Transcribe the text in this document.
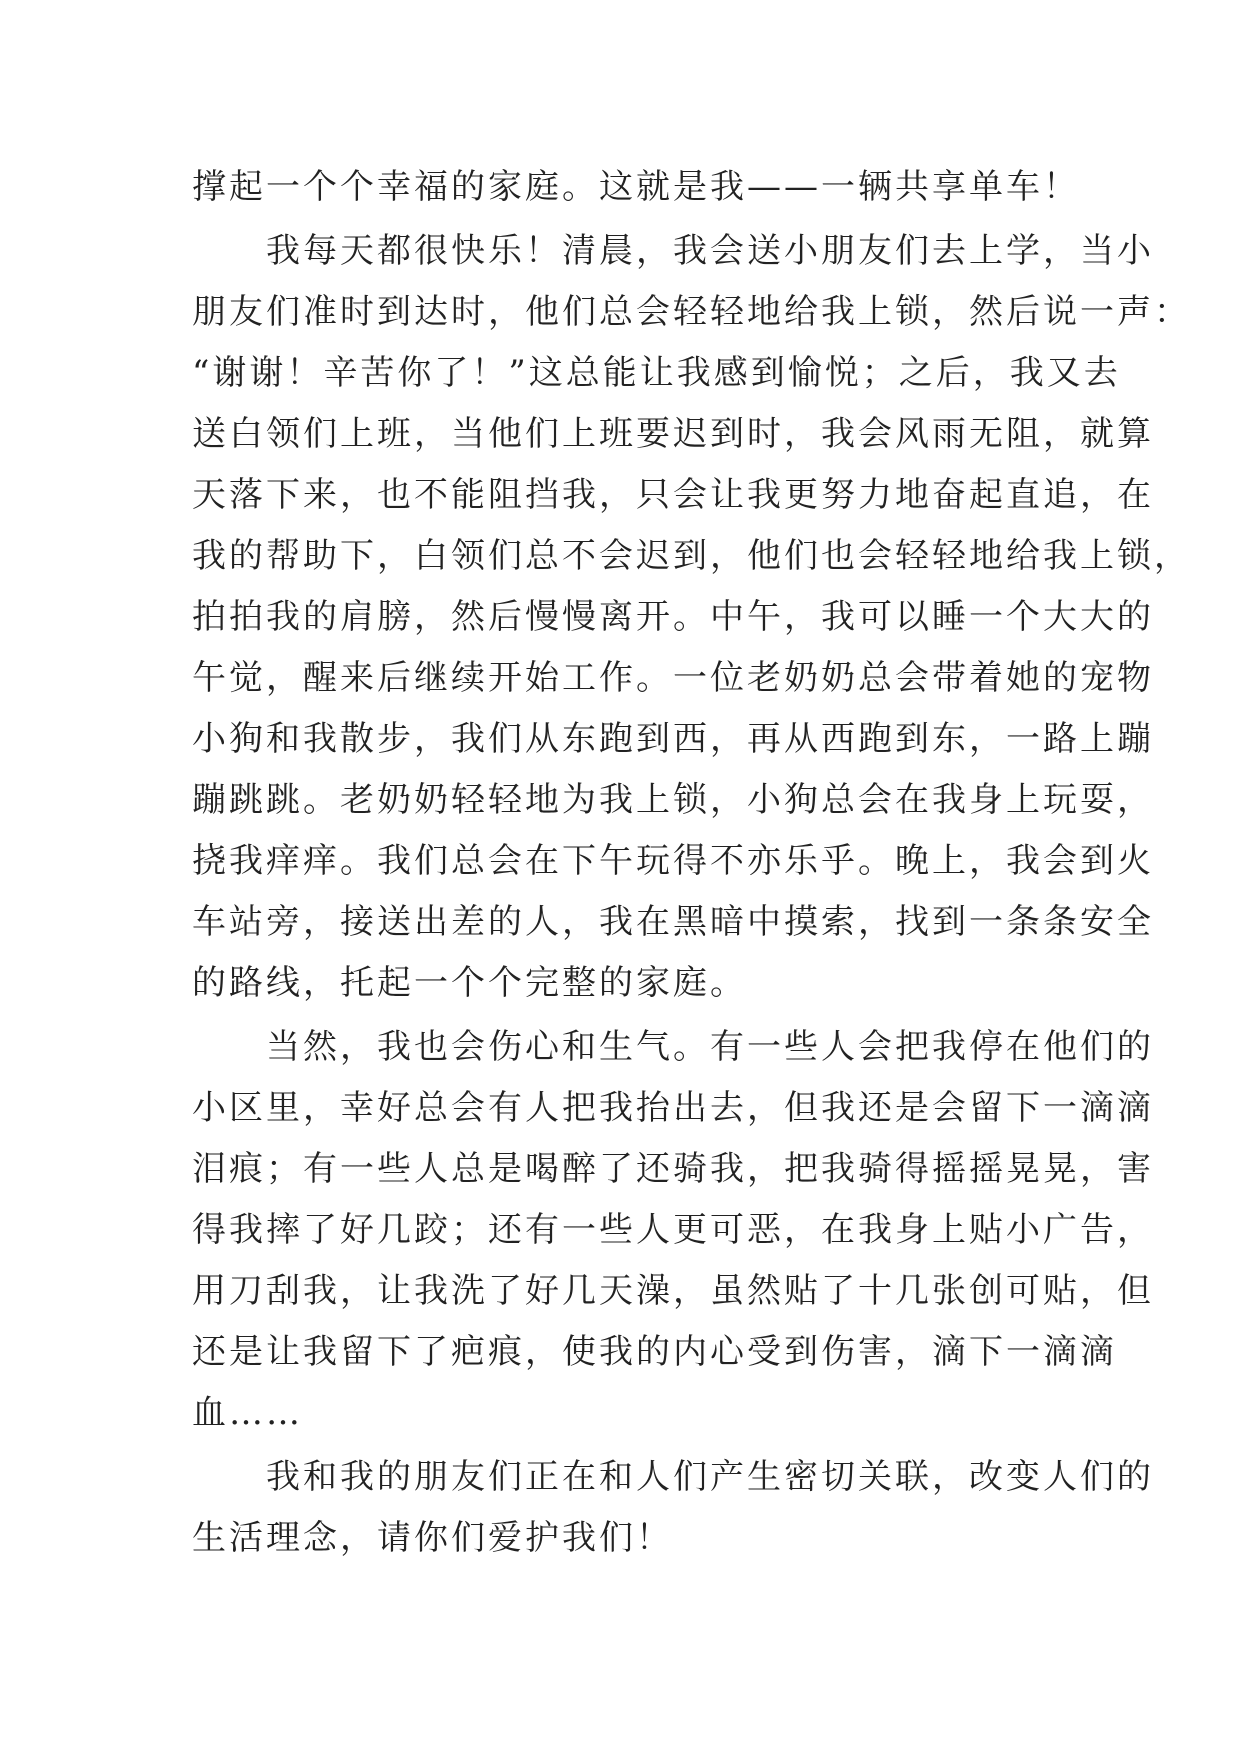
撑起一个个幸福的家庭。这就是我——一辆共享单车！
　　我每天都很快乐！清晨，我会送小朋友们去上学，当小
朋友们准时到达时，他们总会轻轻地给我上锁，然后说一声：
“谢谢！辛苦你了！”这总能让我感到愉悦；之后，我又去
送白领们上班，当他们上班要迟到时，我会风雨无阻，就算
天落下来，也不能阻挡我，只会让我更努力地奋起直追，在
我的帮助下，白领们总不会迟到，他们也会轻轻地给我上锁，
拍拍我的肩膀，然后慢慢离开。中午，我可以睡一个大大的
午觉，醒来后继续开始工作。一位老奶奶总会带着她的宠物
小狗和我散步，我们从东跑到西，再从西跑到东，一路上蹦
蹦跳跳。老奶奶轻轻地为我上锁，小狗总会在我身上玩耍，
挠我痒痒。我们总会在下午玩得不亦乐乎。晚上，我会到火
车站旁，接送出差的人，我在黑暗中摸索，找到一条条安全
的路线，托起一个个完整的家庭。
　　当然，我也会伤心和生气。有一些人会把我停在他们的
小区里，幸好总会有人把我抬出去，但我还是会留下一滴滴
泪痕；有一些人总是喝醉了还骑我，把我骑得摇摇晃晃，害
得我摔了好几跤；还有一些人更可恶，在我身上贴小广告，
用刀刮我，让我洗了好几天澡，虽然贴了十几张创可贴，但
还是让我留下了疤痕，使我的内心受到伤害，滴下一滴滴
血……
　　我和我的朋友们正在和人们产生密切关联，改变人们的
生活理念，请你们爱护我们！
